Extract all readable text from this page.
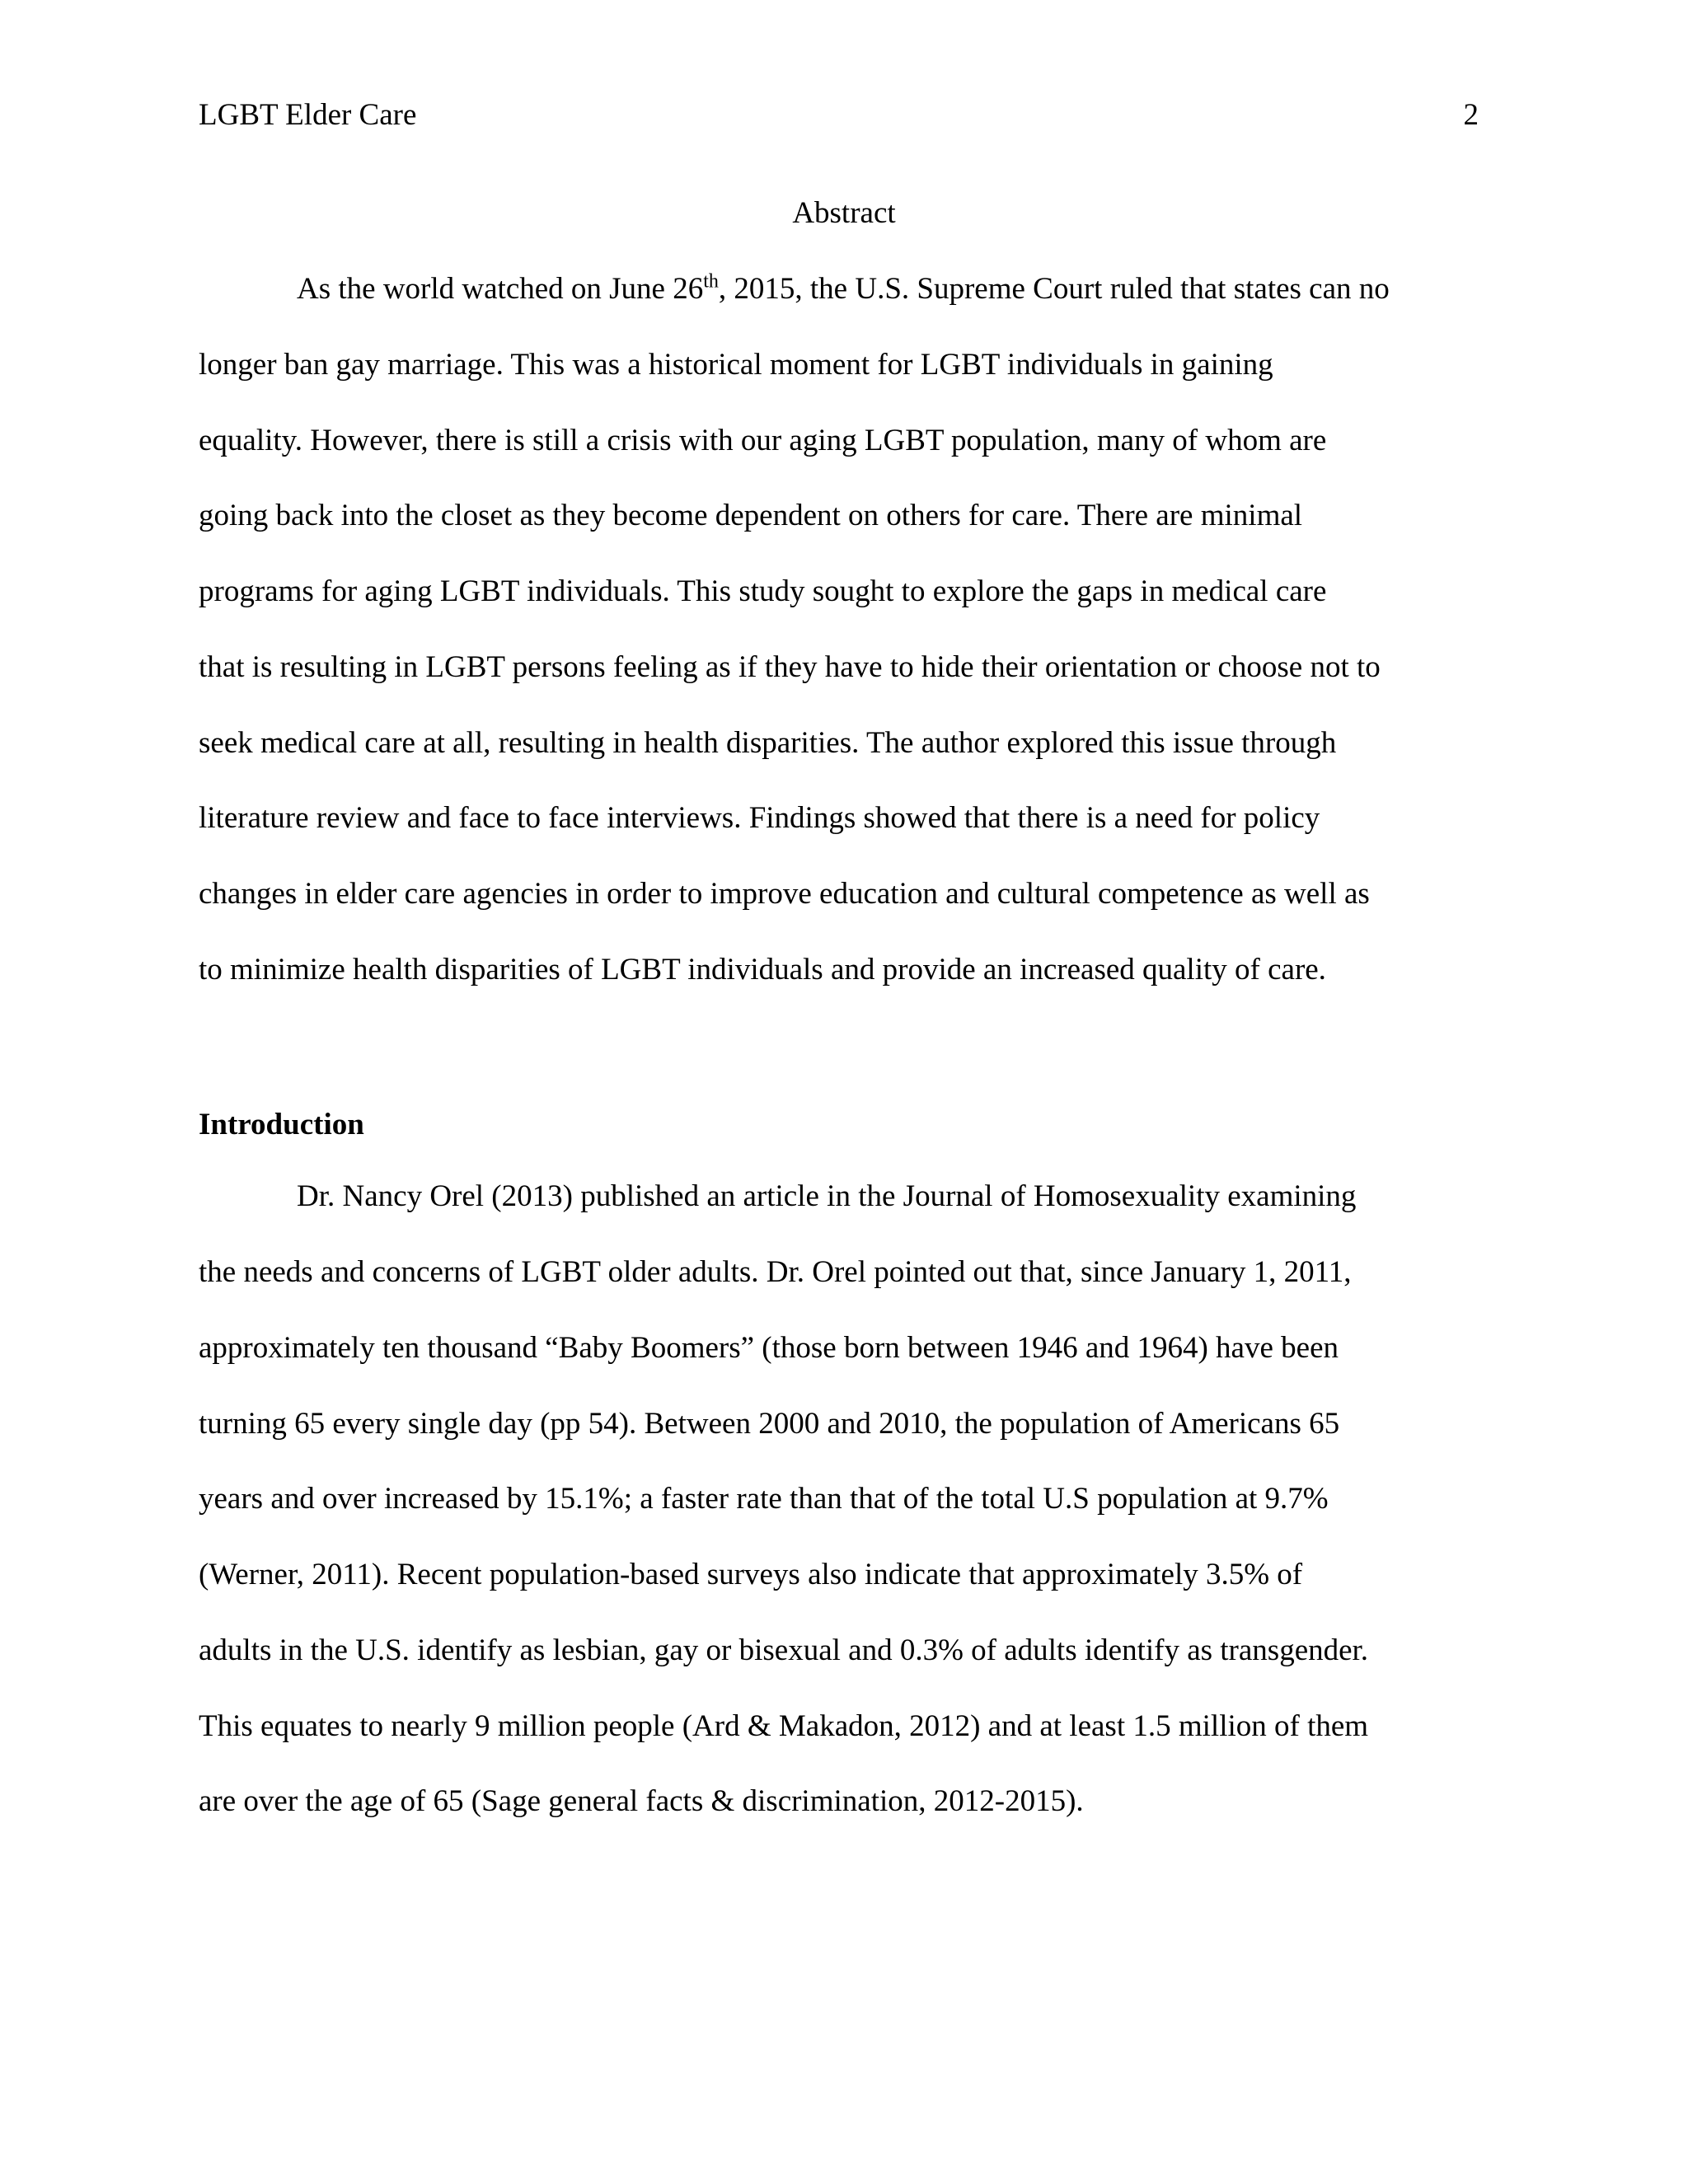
LGBT Elder Care	2
Abstract
As the world watched on June 26th, 2015, the U.S. Supreme Court ruled that states can no
longer ban gay marriage. This was a historical moment for LGBT individuals in gaining
equality. However, there is still a crisis with our aging LGBT population, many of whom are
going back into the closet as they become dependent on others for care. There are minimal
programs for aging LGBT individuals. This study sought to explore the gaps in medical care
that is resulting in LGBT persons feeling as if they have to hide their orientation or choose not to
seek medical care at all, resulting in health disparities. The author explored this issue through
literature review and face to face interviews. Findings showed that there is a need for policy
changes in elder care agencies in order to improve education and cultural competence as well as
to minimize health disparities of LGBT individuals and provide an increased quality of care.
Introduction
Dr. Nancy Orel (2013) published an article in the Journal of Homosexuality examining
the needs and concerns of LGBT older adults. Dr. Orel pointed out that, since January 1, 2011,
approximately ten thousand “Baby Boomers” (those born between 1946 and 1964) have been
turning 65 every single day (pp 54). Between 2000 and 2010, the population of Americans 65
years and over increased by 15.1%; a faster rate than that of the total U.S population at 9.7%
(Werner, 2011). Recent population-based surveys also indicate that approximately 3.5% of
adults in the U.S. identify as lesbian, gay or bisexual and 0.3% of adults identify as transgender.
This equates to nearly 9 million people (Ard & Makadon, 2012) and at least 1.5 million of them
are over the age of 65 (Sage general facts & discrimination, 2012-2015).
